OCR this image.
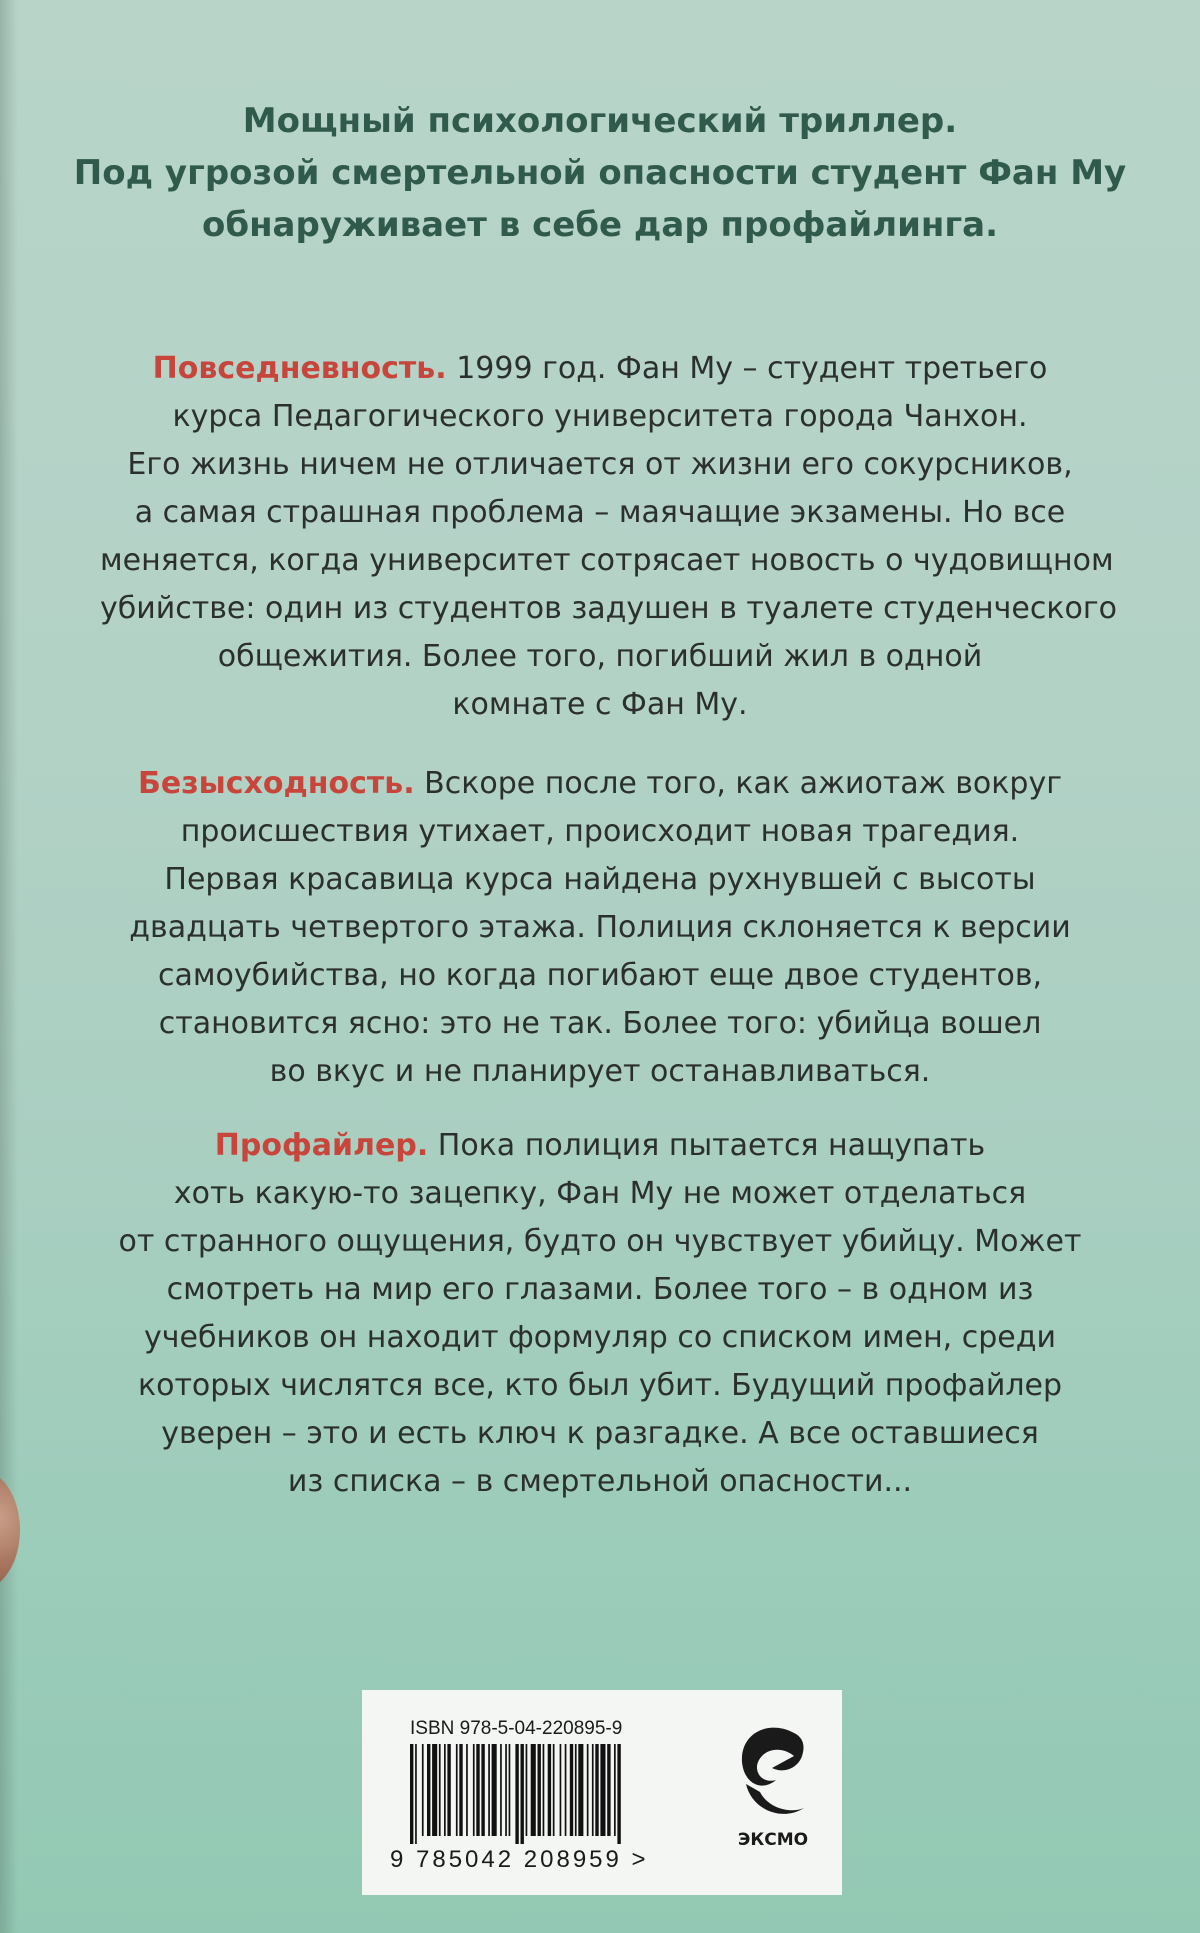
Мощный психологический триллер.
Под угрозой смертельной опасности студент Фан Му
обнаруживает в себе дар профайлинга.
Повседневность. 1999 год. Фан Му – студент третьего
курса Педагогического университета города Чанхон.
Его жизнь ничем не отличается от жизни его сокурсников,
а самая страшная проблема – маячащие экзамены. Но все
меняется, когда университет сотрясает новость о чудовищном
убийстве: один из студентов задушен в туалете студенческого
общежития. Более того, погибший жил в одной
комнате с Фан Му.
Безысходность. Вскоре после того, как ажиотаж вокруг
происшествия утихает, происходит новая трагедия.
Первая красавица курса найдена рухнувшей с высоты
двадцать четвертого этажа. Полиция склоняется к версии
самоубийства, но когда погибают еще двое студентов,
становится ясно: это не так. Более того: убийца вошел
во вкус и не планирует останавливаться.
Профайлер. Пока полиция пытается нащупать
хоть какую-то зацепку, Фан Му не может отделаться
от странного ощущения, будто он чувствует убийцу. Может
смотреть на мир его глазами. Более того – в одном из
учебников он находит формуляр со списком имен, среди
которых числятся все, кто был убит. Будущий профайлер
уверен – это и есть ключ к разгадке. А все оставшиеся
из списка – в смертельной опасности...
ISBN 978-5-04-220895-9
9 785042 208959 >
ЭКСМО
